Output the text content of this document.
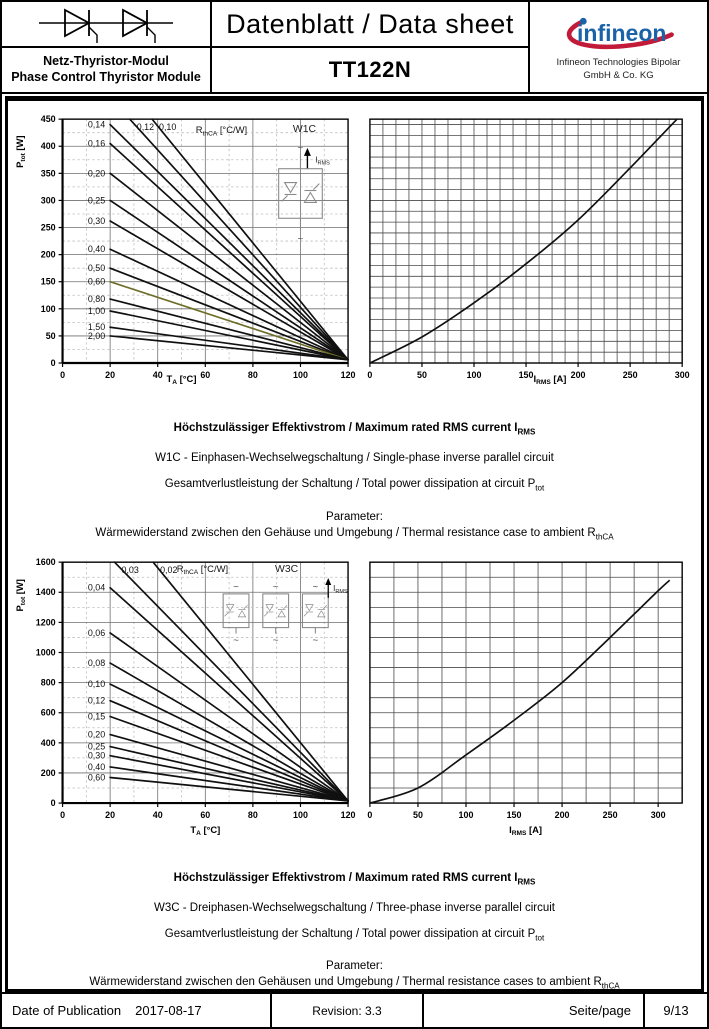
Netz-Thyristor-Modul
Phase Control Thyristor Module
Datenblatt / Data sheet
TT122N
infineon
Infineon Technologies Bipolar
GmbH & Co. KG
0	20	40	60	80	100	120
0
50
100
150
200
250
300
350
400
450
$T_A$ [°C]
$P_{tot}$ [W]
$R_{thCA}$ [°C/W]
0,10
0,12
0,14
0,16
0,20
0,25
0,30
0,40
0,50
0,60
0,80
1,00
1,50
2,00
W1C
~
$I_{RMS}$
~
0	50	100	150	200	250	300
$I_{RMS}$ [A]

Höchstzulässiger Effektivstrom / Maximum rated RMS current $I_{RMS}$

W1C - Einphasen-Wechselwegschaltung / Single-phase inverse parallel circuit

Gesamtverlustleistung der Schaltung / Total power dissipation at circuit $P_{tot}$

Parameter:

Wärmewiderstand zwischen den Gehäuse und Umgebung / Thermal resistance case to ambient $R_{thCA}$

~
~
0	20	40	60	80	100	120
0
200
400
600
800
1000
1200
1400
1600
$T_A$ [°C]
$P_{tot}$ [W]
$R_{thCA}$ [°C/W]
0,02
0,03
0,04
0,06
0,08
0,10
0,12
0,15
0,20
0,25
0,30
0,40
0,60
W3C
$I_{RMS}$
0	50	100	150	200	250	300
$I_{RMS}$ [A]

Höchstzulässiger Effektivstrom / Maximum rated RMS current $I_{RMS}$

W3C - Dreiphasen-Wechselwegschaltung / Three-phase inverse parallel circuit

Gesamtverlustleistung der Schaltung / Total power dissipation at circuit $P_{tot}$

Parameter:

Wärmewiderstand zwischen den Gehäusen und Umgebung / Thermal resistance cases to ambient $R_{thCA}$

Date of Publication 2017-08-17	Revision:
3.3	Seite/page 9/13
